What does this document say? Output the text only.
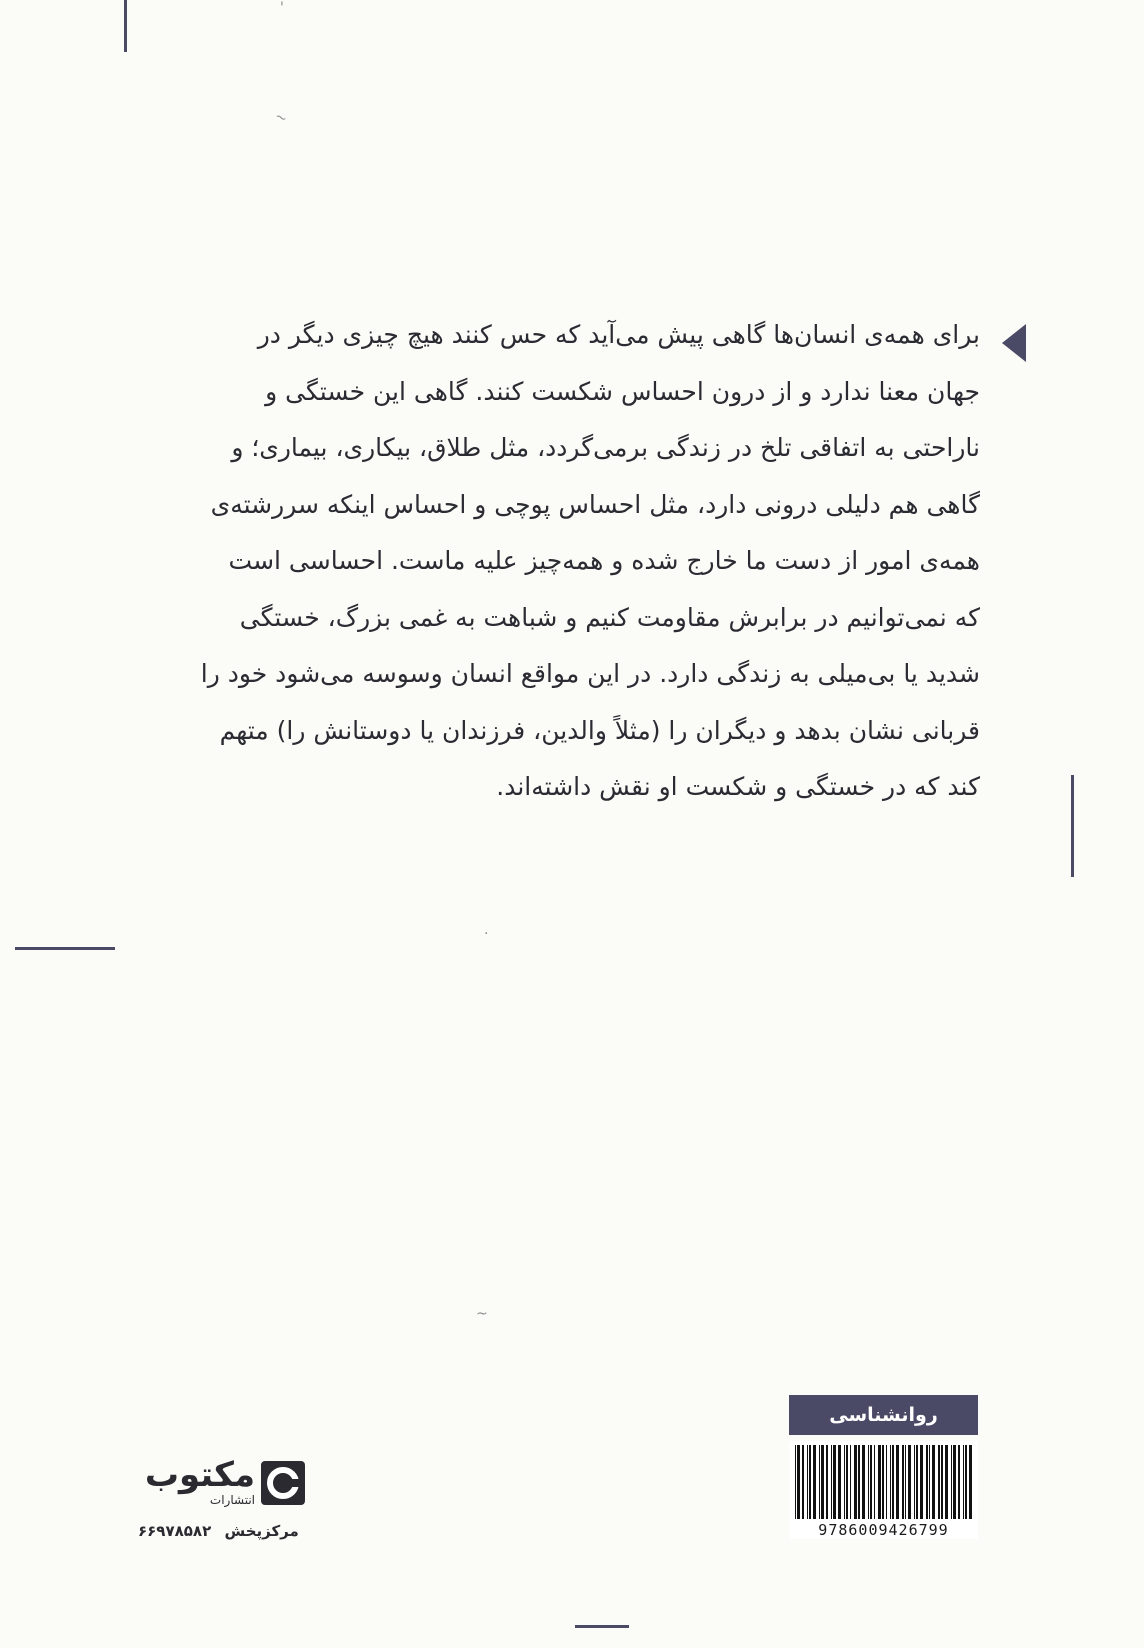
'
~
·
~
برای همه‌ی انسان‌ها گاهی پیش می‌آید که حس کنند هیچ چیزی دیگر در
جهان معنا ندارد و از درون احساس شکست کنند. گاهی این خستگی و
ناراحتی به اتفاقی تلخ در زندگی برمی‌گردد، مثل طلاق، بیکاری، بیماری؛ و
گاهی هم دلیلی درونی دارد، مثل احساس پوچی و احساس اینکه سررشته‌ی
همه‌ی امور از دست ما خارج شده و همه‌چیز علیه ماست. احساسی است
که نمی‌توانیم در برابرش مقاومت کنیم و شباهت به غمی بزرگ، خستگی
شدید یا بی‌میلی به زندگی دارد. در این مواقع انسان وسوسه می‌شود خود را
قربانی نشان بدهد و دیگران را (مثلاً والدین، فرزندان یا دوستانش را) متهم
کند که در خستگی و شکست او نقش داشته‌اند.
روانشناسی
9786009426799
مکتوب
انتشارات
مرکزپخش ۶۶۹۷۸۵۸۲
